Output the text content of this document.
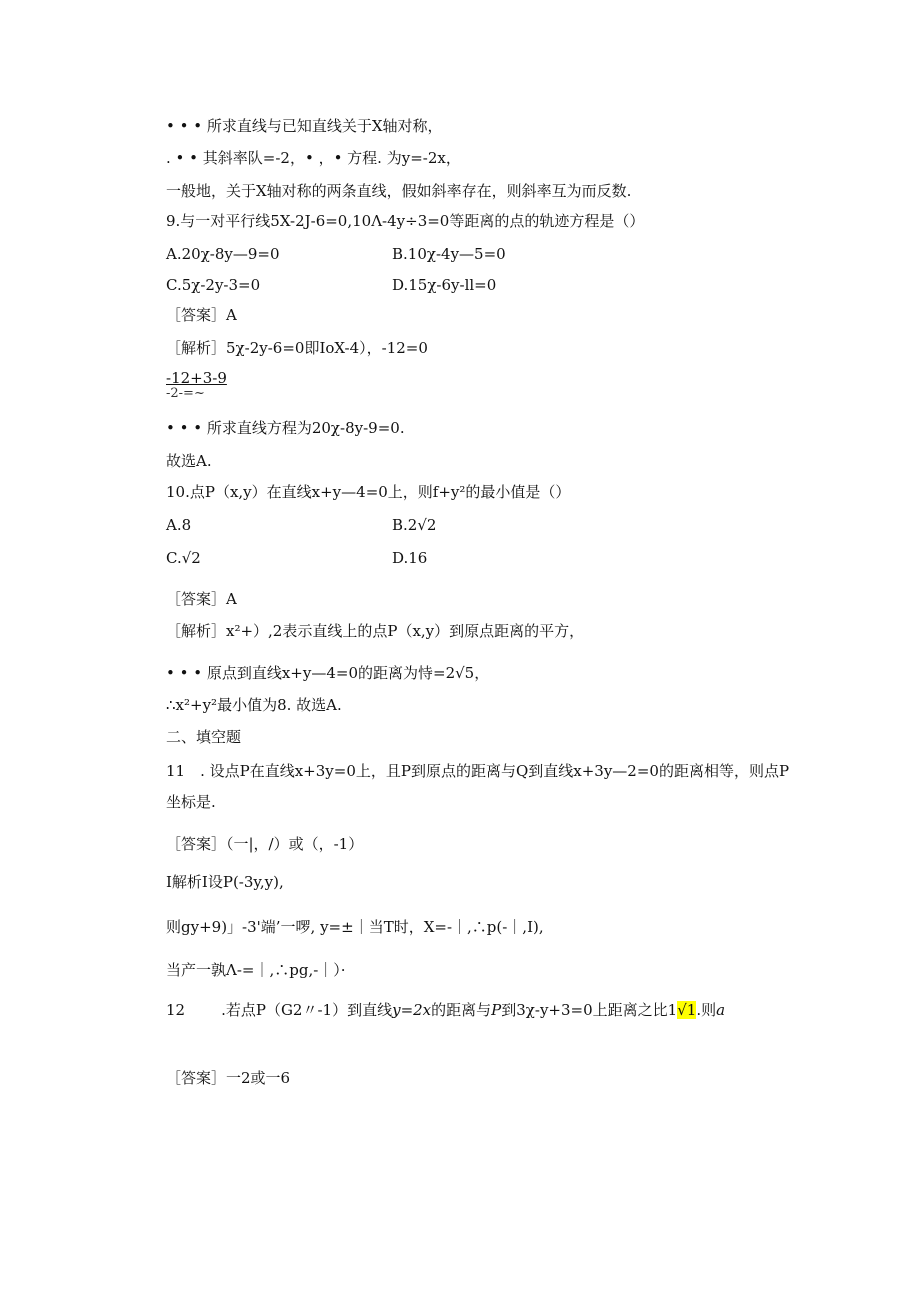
• • • 所求直线与已知直线关于X轴对称，
. • • 其斜率队=-2，• ，• 方程. 为y=-2x，
一般地，关于X轴对称的两条直线，假如斜率存在，则斜率互为而反数.
9.与一对平行线5X-2J-6=0,10Λ-4y÷3=0等距离的点的轨迹方程是（）
A.20χ-8y—9=0	B.10χ-4y—5=0
C.5χ-2y-3=0	D.15χ-6y-ll=0
［答案］A
［解析］5χ-2y-6=0即IoX-4），-12=0
-12+3-9
-2-=~
• • • 所求直线方程为20χ-8y-9=0.
故选A.
10.点P（x,y）在直线x+y—4=0上，则f+y²的最小值是（）
A.8	B.2√2
C.√2	D.16
［答案］A
［解析］x²+）,2表示直线上的点P（x,y）到原点距离的平方，
• • • 原点到直线x+y—4=0的距离为恃=2√5，
∴x²+y²最小值为8. 故选A.
二、填空题
11　. 设点P在直线x+3y=0上，且P到原点的距离与Q到直线x+3y—2=0的距离相等，则点P
坐标是.
［答案］（一|，/）或（，-1）
I解析I设P(-3y,y),
则gy+9)」-3'端’一啰, y=±｜当T时，X=-｜,∴p(-｜,I),
当产一孰Λ-=｜,∴pg,-｜）·
12 .若点P（G2〃-1）到直线y=2x的距离与P到3χ-y+3=0上距离之比1√1.则a
［答案］一2或一6
